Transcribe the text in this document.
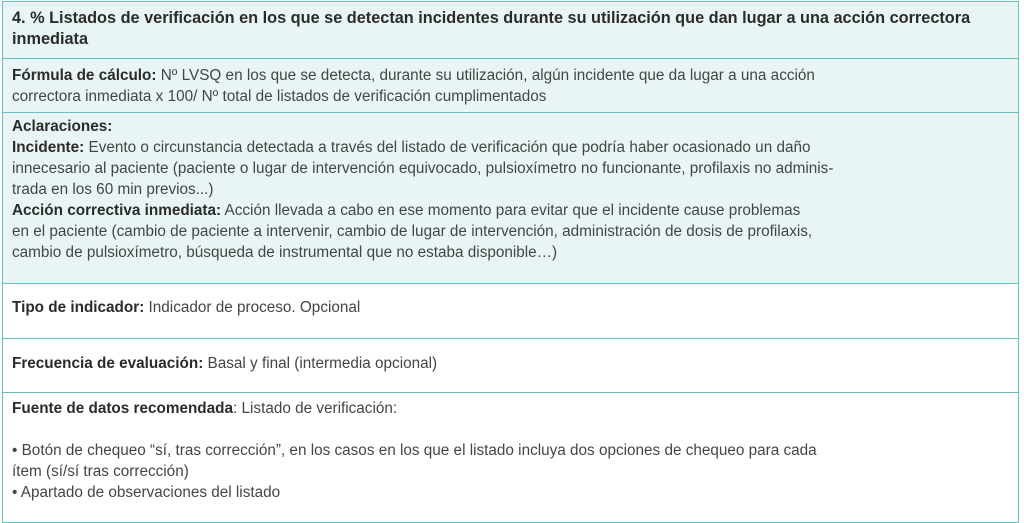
4. % Listados de verificación en los que se detectan incidentes durante su utilización que dan lugar a una acción correctora inmediata
Fórmula de cálculo: Nº LVSQ en los que se detecta, durante su utilización, algún incidente que da lugar a una acción
correctora inmediata x 100/ Nº total de listados de verificación cumplimentados
Aclaraciones:
Incidente: Evento o circunstancia detectada a través del listado de verificación que podría haber ocasionado un daño
innecesario al paciente (paciente o lugar de intervención equivocado, pulsioxímetro no funcionante, profilaxis no adminis-
trada en los 60 min previos...)
Acción correctiva inmediata: Acción llevada a cabo en ese momento para evitar que el incidente cause problemas
en el paciente (cambio de paciente a intervenir, cambio de lugar de intervención, administración de dosis de profilaxis,
cambio de pulsioxímetro, búsqueda de instrumental que no estaba disponible…)
Tipo de indicador: Indicador de proceso. Opcional
Frecuencia de evaluación: Basal y final (intermedia opcional)
Fuente de datos recomendada: Listado de verificación:
• Botón de chequeo “sí, tras corrección”, en los casos en los que el listado incluya dos opciones de chequeo para cada
ítem (sí/sí tras corrección)
• Apartado de observaciones del listado
